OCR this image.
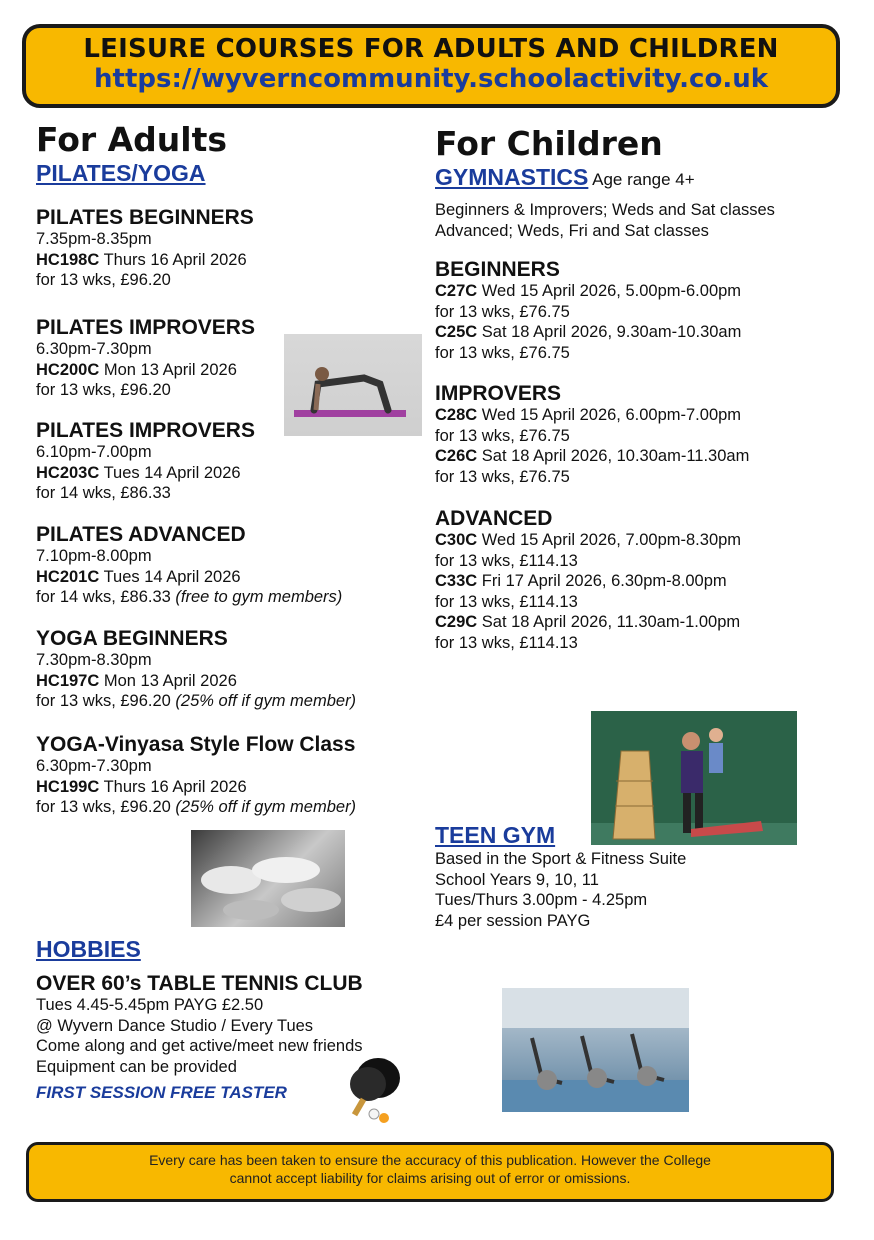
LEISURE COURSES FOR ADULTS AND CHILDREN
https://wyverncommunity.schoolactivity.co.uk
For Adults
PILATES/YOGA
PILATES BEGINNERS
7.35pm-8.35pm
HC198C Thurs 16 April 2026
for 13 wks, £96.20
PILATES IMPROVERS
6.30pm-7.30pm
HC200C Mon 13 April 2026
for 13 wks, £96.20
PILATES IMPROVERS
6.10pm-7.00pm
HC203C Tues 14 April 2026
for 14 wks, £86.33
PILATES ADVANCED
7.10pm-8.00pm
HC201C Tues 14 April 2026
for 14 wks, £86.33 (free to gym members)
YOGA BEGINNERS
7.30pm-8.30pm
HC197C Mon 13 April 2026
for 13 wks, £96.20 (25% off if gym member)
YOGA-Vinyasa Style Flow Class
6.30pm-7.30pm
HC199C Thurs 16 April 2026
for 13 wks, £96.20 (25% off if gym member)
HOBBIES
OVER 60’s TABLE TENNIS CLUB
Tues 4.45-5.45pm PAYG £2.50
@ Wyvern Dance Studio / Every Tues
Come along and get active/meet new friends
Equipment can be provided
FIRST SESSION FREE TASTER
For Children
GYMNASTICS Age range 4+
Beginners & Improvers; Weds and Sat classes
Advanced; Weds, Fri and Sat classes
BEGINNERS
C27C Wed 15 April 2026, 5.00pm-6.00pm
for 13 wks, £76.75
C25C Sat 18 April 2026, 9.30am-10.30am
for 13 wks, £76.75
IMPROVERS
C28C Wed 15 April 2026, 6.00pm-7.00pm
for 13 wks, £76.75
C26C Sat 18 April 2026, 10.30am-11.30am
for 13 wks, £76.75
ADVANCED
C30C Wed 15 April 2026, 7.00pm-8.30pm
for 13 wks, £114.13
C33C Fri 17 April 2026, 6.30pm-8.00pm
for 13 wks, £114.13
C29C Sat 18 April 2026, 11.30am-1.00pm
for 13 wks, £114.13
TEEN GYM
Based in the Sport & Fitness Suite
School Years 9, 10, 11
Tues/Thurs 3.00pm - 4.25pm
£4 per session PAYG
Every care has been taken to ensure the accuracy of this publication. However the College
cannot accept liability for claims arising out of error or omissions.
